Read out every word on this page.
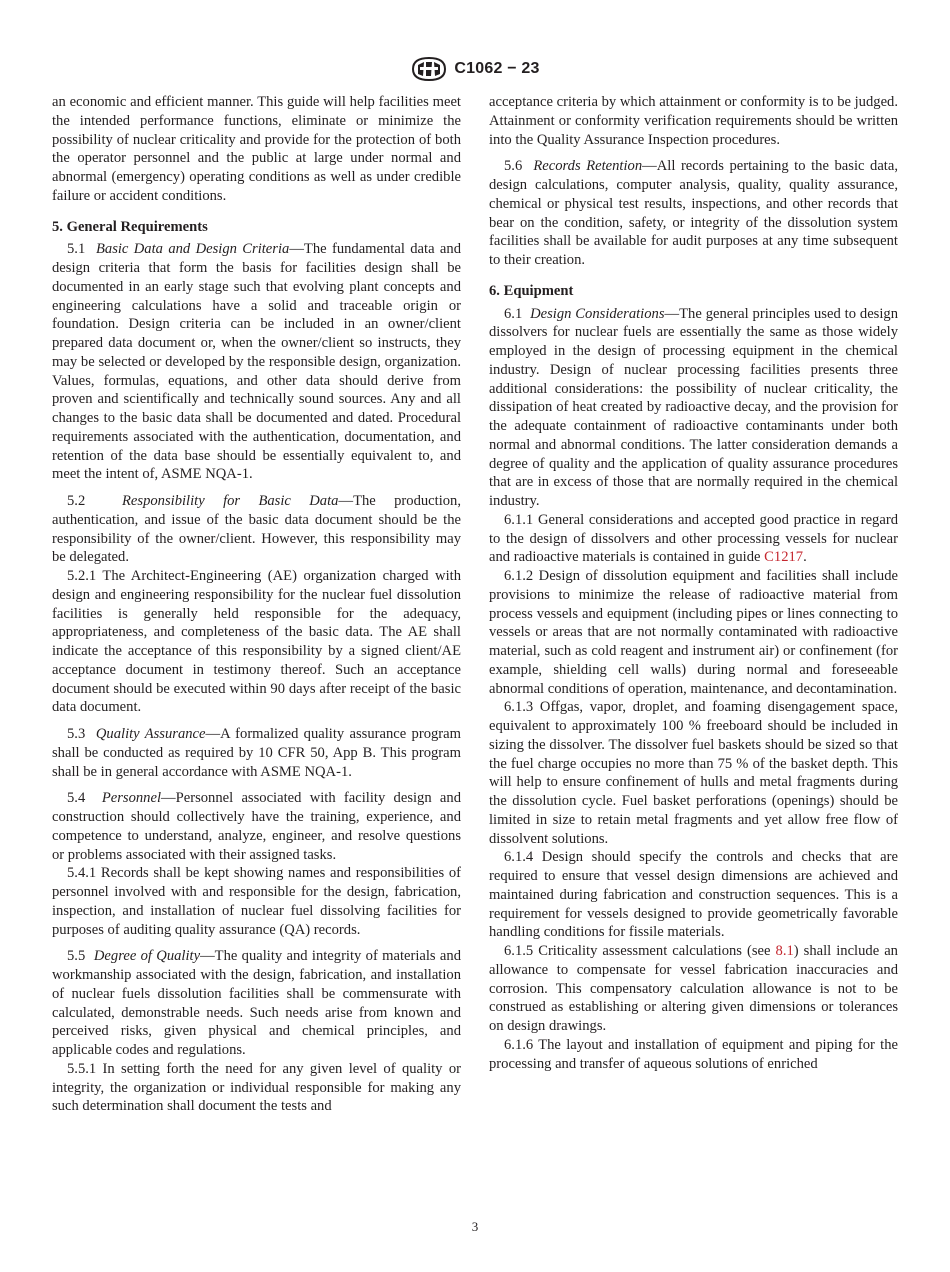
C1062 − 23

an economic and efficient manner. This guide will help facilities meet the intended performance functions, eliminate or minimize the possibility of nuclear criticality and provide for the protection of both the operator personnel and the public at large under normal and abnormal (emergency) operating conditions as well as under credible failure or accident conditions.

5. General Requirements

5.1 Basic Data and Design Criteria—The fundamental data and design criteria that form the basis for facilities design shall be documented in an early stage such that evolving plant concepts and engineering calculations have a solid and traceable origin or foundation. Design criteria can be included in an owner/client prepared data document or, when the owner/client so instructs, they may be selected or developed by the responsible design, organization. Values, formulas, equations, and other data should derive from proven and scientifically and technically sound sources. Any and all changes to the basic data shall be documented and dated. Procedural requirements associated with the authentication, documentation, and retention of the data base should be essentially equivalent to, and meet the intent of, ASME NQA-1.

5.2	Responsibility for Basic Data—The production, authentication, and issue of the basic data document should be the responsibility of the owner/client. However, this responsibility may be delegated.

5.2.1 The Architect-Engineering (AE) organization charged with design and engineering responsibility for the nuclear fuel dissolution facilities is generally held responsible for the adequacy, appropriateness, and completeness of the basic data. The AE shall indicate the acceptance of this responsibility by a signed client/AE acceptance document in testimony thereof. Such an acceptance document should be executed within 90 days after receipt of the basic data document.

5.3 Quality Assurance—A formalized quality assurance program shall be conducted as required by 10 CFR 50, App B. This program shall be in general accordance with ASME NQA-1.

5.4 Personnel—Personnel associated with facility design and construction should collectively have the training, experience, and competence to understand, analyze, engineer, and resolve questions or problems associated with their assigned tasks.

5.4.1 Records shall be kept showing names and responsibilities of personnel involved with and responsible for the design, fabrication, inspection, and installation of nuclear fuel dissolving facilities for purposes of auditing quality assurance (QA) records.

5.5 Degree of Quality—The quality and integrity of materials and workmanship associated with the design, fabrication, and installation of nuclear fuels dissolution facilities shall be commensurate with calculated, demonstrable needs. Such needs arise from known and perceived risks, given physical and chemical principles, and applicable codes and regulations.

5.5.1 In setting forth the need for any given level of quality or integrity, the organization or individual responsible for making any such determination shall document the tests and

acceptance criteria by which attainment or conformity is to be judged. Attainment or conformity verification requirements should be written into the Quality Assurance Inspection procedures.

5.6 Records Retention—All records pertaining to the basic data, design calculations, computer analysis, quality, quality assurance, chemical or physical test results, inspections, and other records that bear on the condition, safety, or integrity of the dissolution system facilities shall be available for audit purposes at any time subsequent to their creation.

6. Equipment

6.1 Design Considerations—The general principles used to design dissolvers for nuclear fuels are essentially the same as those widely employed in the design of processing equipment in the chemical industry. Design of nuclear processing facilities presents three additional considerations: the possibility of nuclear criticality, the dissipation of heat created by radioactive decay, and the provision for the adequate containment of radioactive contaminants under both normal and abnormal conditions. The latter consideration demands a degree of quality and the application of quality assurance procedures that are in excess of those that are normally required in the chemical industry.

6.1.1 General considerations and accepted good practice in regard to the design of dissolvers and other processing vessels for nuclear and radioactive materials is contained in guide C1217.

6.1.2 Design of dissolution equipment and facilities shall include provisions to minimize the release of radioactive material from process vessels and equipment (including pipes or lines connecting to vessels or areas that are not normally contaminated with radioactive material, such as cold reagent and instrument air) or confinement (for example, shielding cell walls) during normal and foreseeable abnormal conditions of operation, maintenance, and decontamination.

6.1.3 Offgas, vapor, droplet, and foaming disengagement space, equivalent to approximately 100 % freeboard should be included in sizing the dissolver. The dissolver fuel baskets should be sized so that the fuel charge occupies no more than 75 % of the basket depth. This will help to ensure confinement of hulls and metal fragments during the dissolution cycle. Fuel basket perforations (openings) should be limited in size to retain metal fragments and yet allow free flow of dissolvent solutions.

6.1.4 Design should specify the controls and checks that are required to ensure that vessel design dimensions are achieved and maintained during fabrication and construction sequences. This is a requirement for vessels designed to provide geometrically favorable handling conditions for fissile materials.

6.1.5 Criticality assessment calculations (see 8.1) shall include an allowance to compensate for vessel fabrication inaccuracies and corrosion. This compensatory calculation allowance is not to be construed as establishing or altering given dimensions or tolerances on design drawings.

6.1.6 The layout and installation of equipment and piping for the processing and transfer of aqueous solutions of enriched

3
